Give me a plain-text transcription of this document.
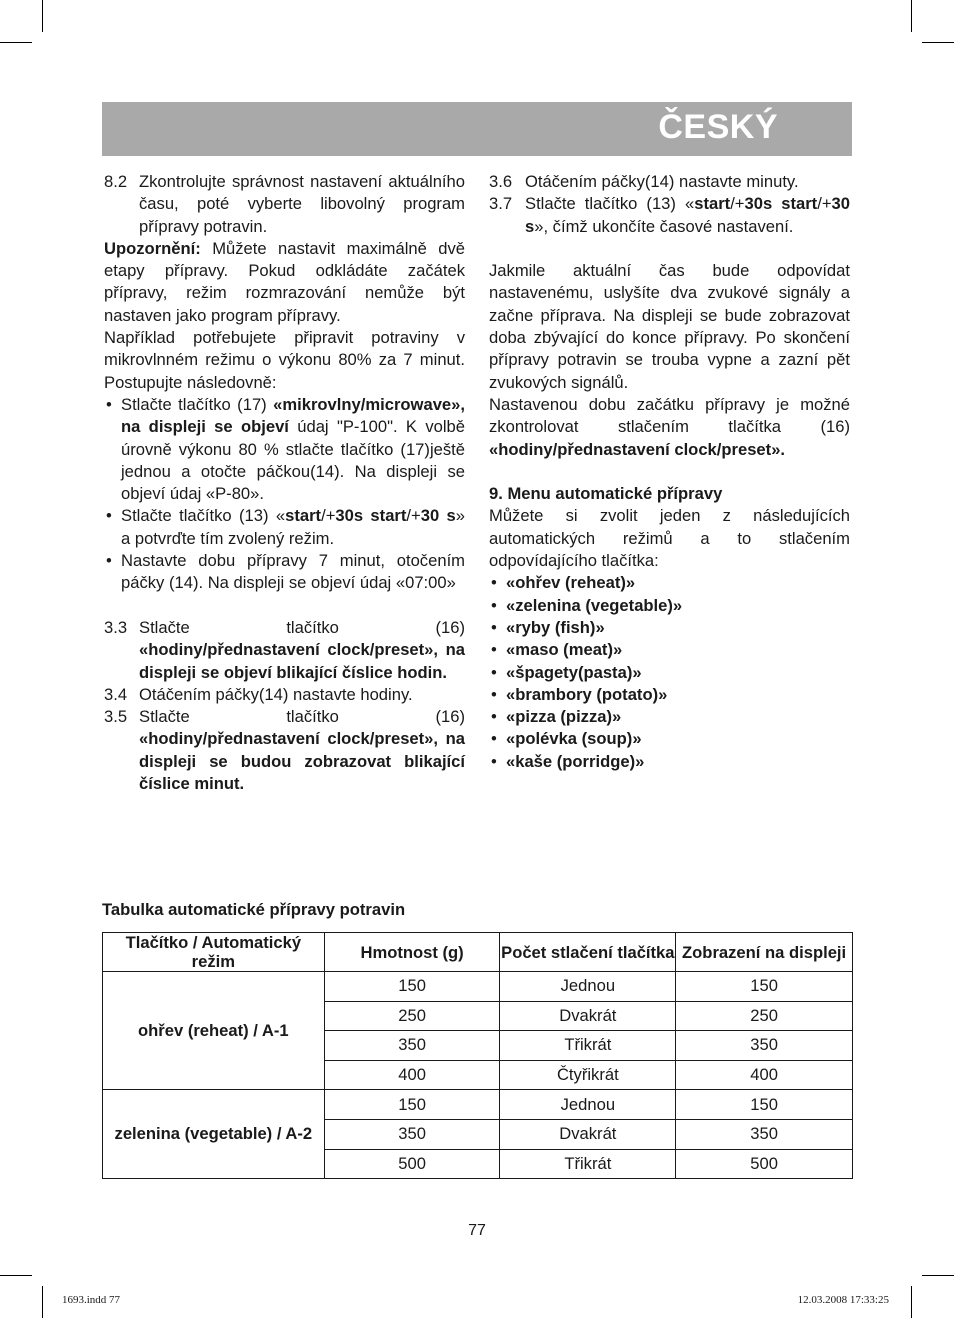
ČESKÝ
8.2 Zkontrolujte správnost nastavení aktuálního času, poté vyberte libovolný program přípravy potravin.
Upozornění: Můžete nastavit maximálně dvě etapy přípravy. Pokud odkládáte začátek přípravy, režim rozmrazování nemůže být nastaven jako program přípravy.
Například potřebujete připravit potraviny v mikrovlnném režimu o výkonu 80% za 7 minut. Postupujte následovně:
• Stlačte tlačítko (17) «mikrovlny/microwave», na displeji se objeví údaj "P-100". K volbě úrovně výkonu 80 % stlačte tlačítko (17)ještě jednou a otočte páčkou(14). Na displeji se objeví údaj «P-80».
• Stlačte tlačítko (13) «start/+30s start/+30 s» a potvrďte tím zvolený režim.
• Nastavte dobu přípravy 7 minut, otočením páčky (14). Na displeji se objeví údaj «07:00»
3.3 Stlačte tlačítko (16) «hodiny/přednastavení clock/preset», na displeji se objeví blikající číslice hodin.
3.4 Otáčením páčky(14) nastavte hodiny.
3.5 Stlačte tlačítko (16) «hodiny/přednastavení clock/preset», na displeji se budou zobrazovat blikající číslice minut.
3.6 Otáčením páčky(14) nastavte minuty.
3.7 Stlačte tlačítko (13) «start/+30s start/+30 s», čímž ukončíte časové nastavení.
Jakmile aktuální čas bude odpovídat nastavenému, uslyšíte dva zvukové signály a začne příprava. Na displeji se bude zobrazovat doba zbývající do konce přípravy. Po skončení přípravy potravin se trouba vypne a zazní pět zvukových signálů.
Nastavenou dobu začátku přípravy je možné zkontrolovat stlačením tlačítka (16) «hodiny/přednastavení clock/preset».
9. Menu automatické přípravy
Můžete si zvolit jeden z následujících automatických režimů a to stlačením odpovídajícího tlačítka:
• «ohřev (reheat)»
• «zelenina (vegetable)»
• «ryby (fish)»
• «maso (meat)»
• «špagety(pasta)»
• «brambory (potato)»
• «pizza (pizza)»
• «polévka (soup)»
• «kaše (porridge)»
Tabulka automatické přípravy potravin
Tlačítko / Automatický režim	Hmotnost (g)	Počet stlačení tlačítka	Zobrazení na displeji
ohřev (reheat) / A-1	150	Jednou	150
	250	Dvakrát	250
	350	Třikrát	350
	400	Čtyřikrát	400
zelenina (vegetable) / A-2	150	Jednou	150
	350	Dvakrát	350
	500	Třikrát	500
77
1693.indd 77	12.03.2008 17:33:25
